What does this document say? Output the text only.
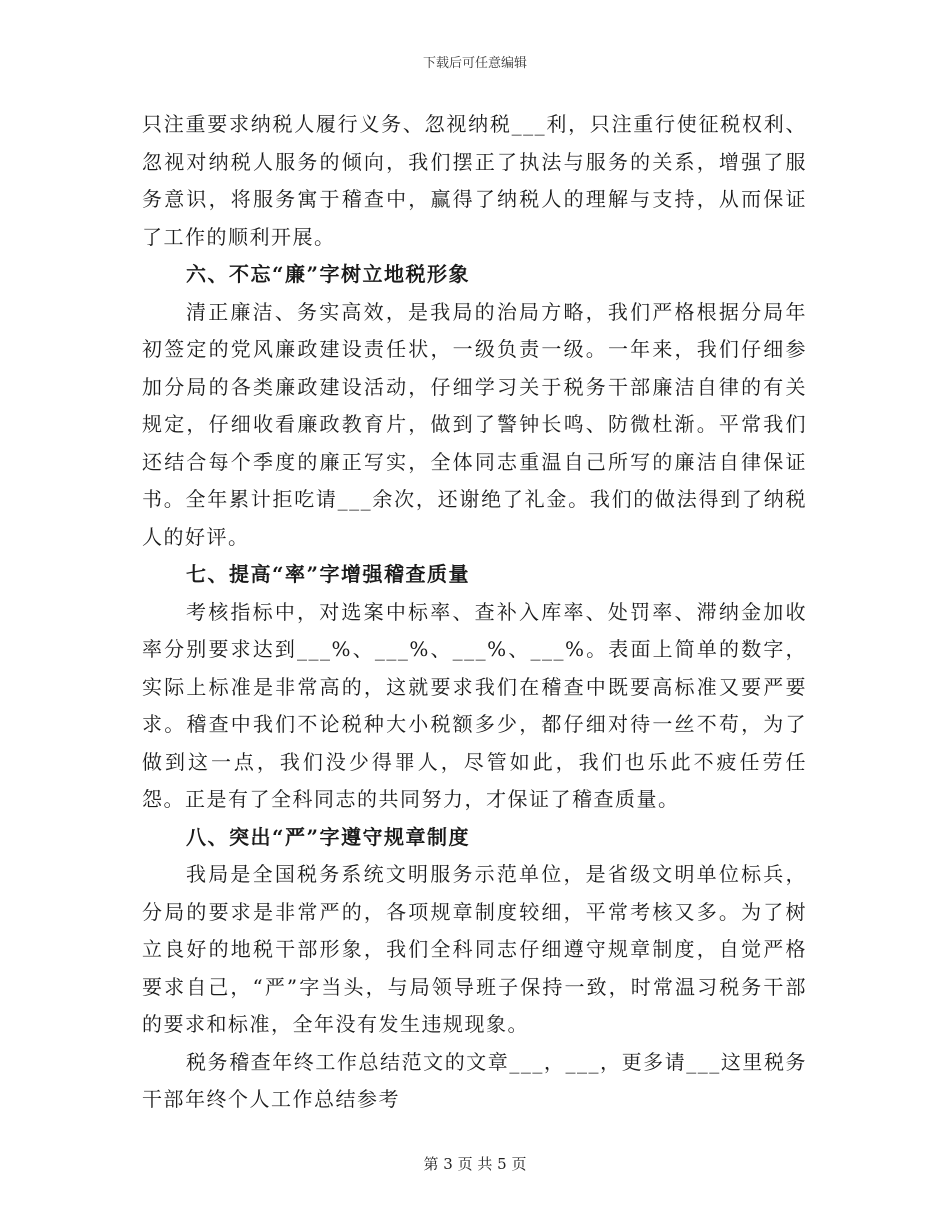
下载后可任意编辑

只注重要求纳税人履行义务、忽视纳税___利，只注重行使征税权利、忽视对纳税人服务的倾向，我们摆正了执法与服务的关系，增强了服务意识，将服务寓于稽查中，赢得了纳税人的理解与支持，从而保证了工作的顺利开展。

六、不忘“廉”字树立地税形象

清正廉洁、务实高效，是我局的治局方略，我们严格根据分局年初签定的党风廉政建设责任状，一级负责一级。一年来，我们仔细参加分局的各类廉政建设活动，仔细学习关于税务干部廉洁自律的有关规定，仔细收看廉政教育片，做到了警钟长鸣、防微杜渐。平常我们还结合每个季度的廉正写实，全体同志重温自己所写的廉洁自律保证书。全年累计拒吃请___余次，还谢绝了礼金。我们的做法得到了纳税人的好评。

七、提高“率”字增强稽查质量

考核指标中，对选案中标率、查补入库率、处罚率、滞纳金加收率分别要求达到___%、___%、___%、___%。表面上简单的数字，实际上标准是非常高的，这就要求我们在稽查中既要高标准又要严要求。稽查中我们不论税种大小税额多少，都仔细对待一丝不苟，为了做到这一点，我们没少得罪人，尽管如此，我们也乐此不疲任劳任怨。正是有了全科同志的共同努力，才保证了稽查质量。

八、突出“严”字遵守规章制度

我局是全国税务系统文明服务示范单位，是省级文明单位标兵，分局的要求是非常严的，各项规章制度较细，平常考核又多。为了树立良好的地税干部形象，我们全科同志仔细遵守规章制度，自觉严格要求自己，“严”字当头，与局领导班子保持一致，时常温习税务干部的要求和标准，全年没有发生违规现象。

税务稽查年终工作总结范文的文章___，___，更多请___这里税务干部年终个人工作总结参考

第 3 页 共 5 页
